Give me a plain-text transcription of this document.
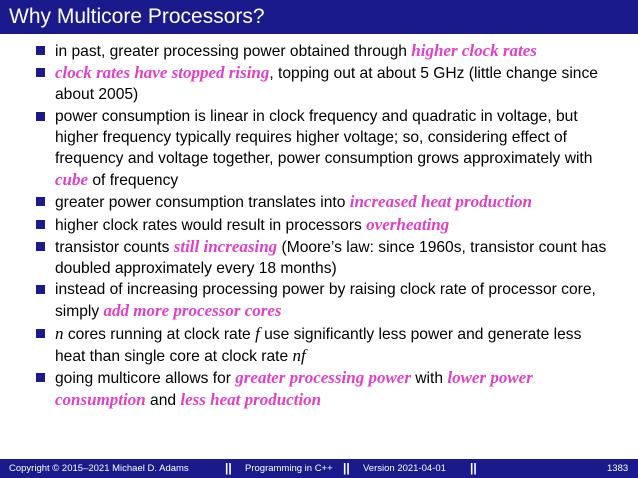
Why Multicore Processors?
in past, greater processing power obtained through higher clock rates
clock rates have stopped rising, topping out at about 5 GHz (little change since about 2005)
power consumption is linear in clock frequency and quadratic in voltage, but higher frequency typically requires higher voltage; so, considering effect of frequency and voltage together, power consumption grows approximately with cube of frequency
greater power consumption translates into increased heat production
higher clock rates would result in processors overheating
transistor counts still increasing (Moore’s law: since 1960s, transistor count has doubled approximately every 18 months)
instead of increasing processing power by raising clock rate of processor core, simply add more processor cores
n cores running at clock rate f use significantly less power and generate less heat than single core at clock rate nf
going multicore allows for greater processing power with lower power consumption and less heat production
Copyright © 2015–2021 Michael D. Adams	|| Programming in C++ || Version 2021-04-01 ||	1383
